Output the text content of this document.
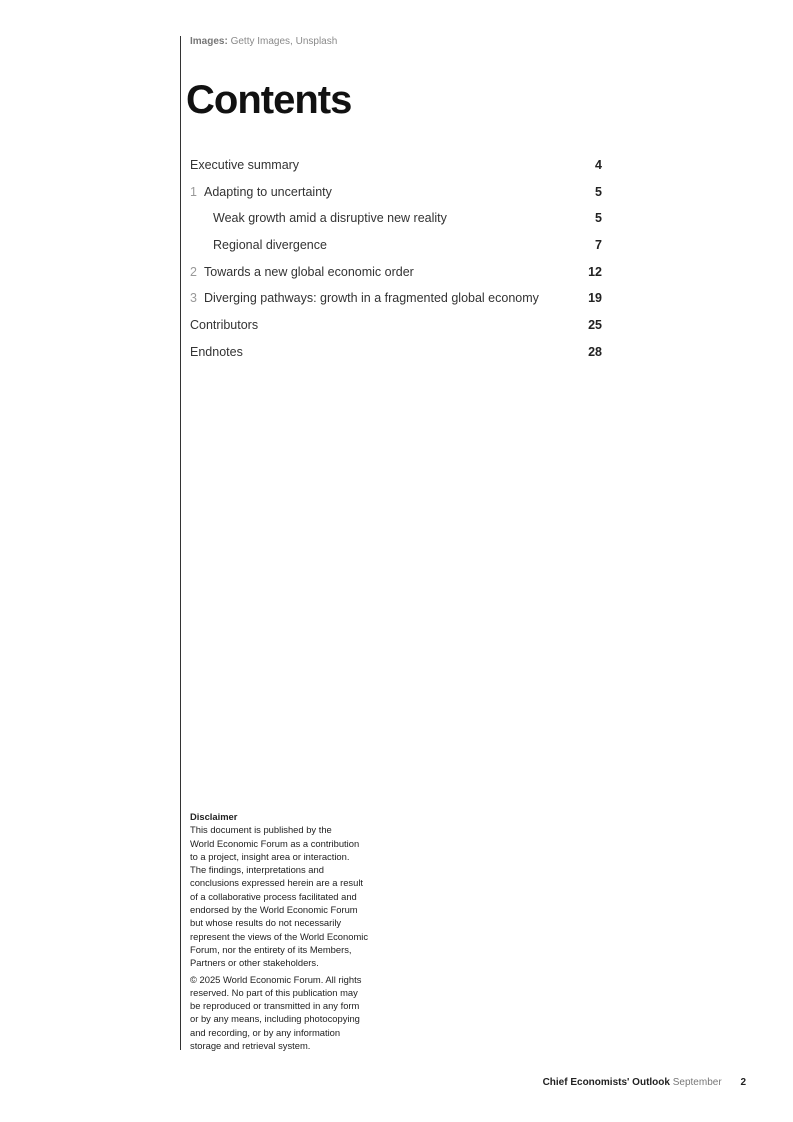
Images: Getty Images, Unsplash
Contents
Executive summary	4
1 Adapting to uncertainty	5
Weak growth amid a disruptive new reality	5
Regional divergence	7
2 Towards a new global economic order	12
3 Diverging pathways: growth in a fragmented global economy	19
Contributors	25
Endnotes	28
Disclaimer

This document is published by the
World Economic Forum as a contribution
to a project, insight area or interaction.
The findings, interpretations and
conclusions expressed herein are a result
of a collaborative process facilitated and
endorsed by the World Economic Forum
but whose results do not necessarily
represent the views of the World Economic
Forum, nor the entirety of its Members,
Partners or other stakeholders.

© 2025 World Economic Forum. All rights
reserved. No part of this publication may
be reproduced or transmitted in any form
or by any means, including photocopying
and recording, or by any information
storage and retrieval system.

Chief Economists' Outlook September 2
